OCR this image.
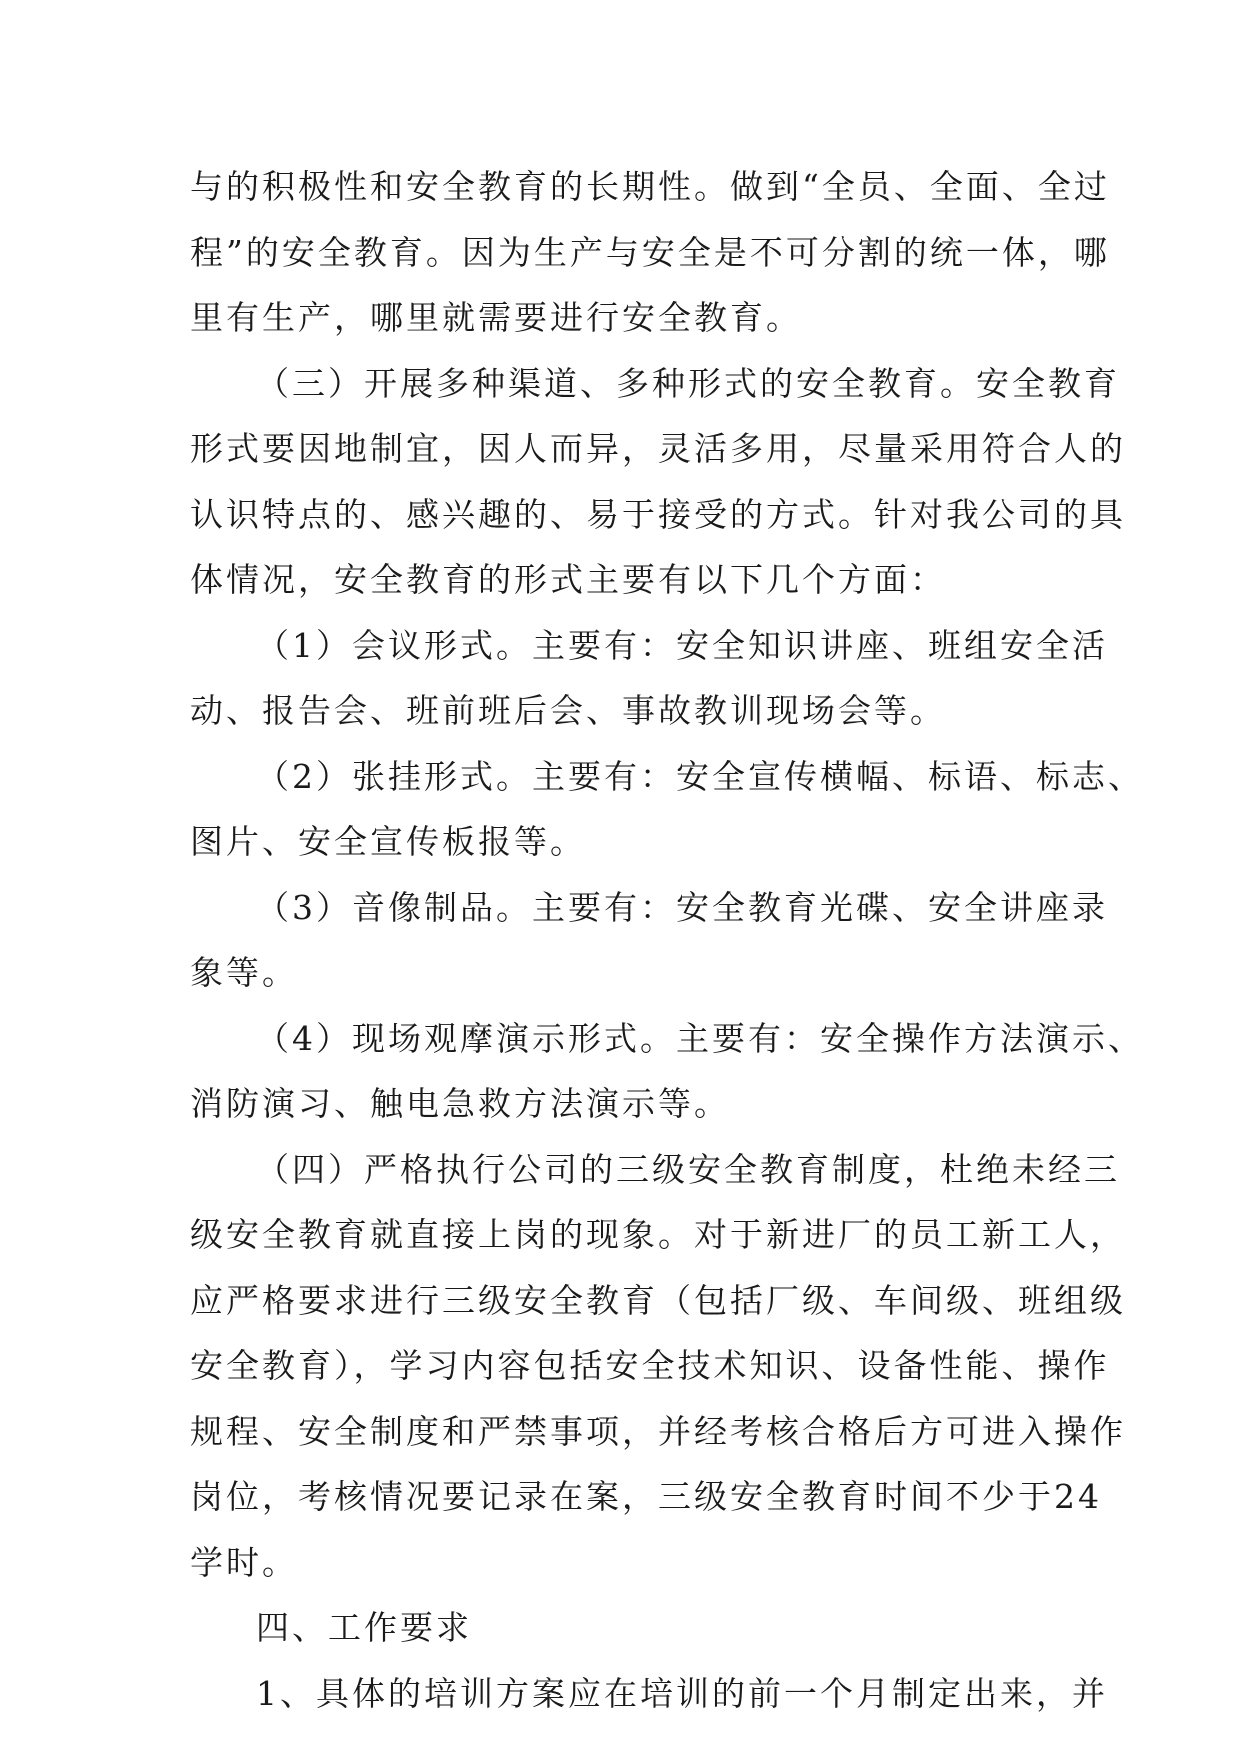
与的积极性和安全教育的长期性。做到“全员、全面、全过
程”的安全教育。因为生产与安全是不可分割的统一体，哪
里有生产，哪里就需要进行安全教育。
（三）开展多种渠道、多种形式的安全教育。安全教育
形式要因地制宜，因人而异，灵活多用，尽量采用符合人的
认识特点的、感兴趣的、易于接受的方式。针对我公司的具
体情况，安全教育的形式主要有以下几个方面：
（1）会议形式。主要有：安全知识讲座、班组安全活
动、报告会、班前班后会、事故教训现场会等。
（2）张挂形式。主要有：安全宣传横幅、标语、标志、
图片、安全宣传板报等。
（3）音像制品。主要有：安全教育光碟、安全讲座录
象等。
（4）现场观摩演示形式。主要有：安全操作方法演示、
消防演习、触电急救方法演示等。
（四）严格执行公司的三级安全教育制度，杜绝未经三
级安全教育就直接上岗的现象。对于新进厂的员工新工人，
应严格要求进行三级安全教育（包括厂级、车间级、班组级
安全教育），学习内容包括安全技术知识、设备性能、操作
规程、安全制度和严禁事项，并经考核合格后方可进入操作
岗位，考核情况要记录在案，三级安全教育时间不少于24
学时。
四、工作要求
1、具体的培训方案应在培训的前一个月制定出来，并
